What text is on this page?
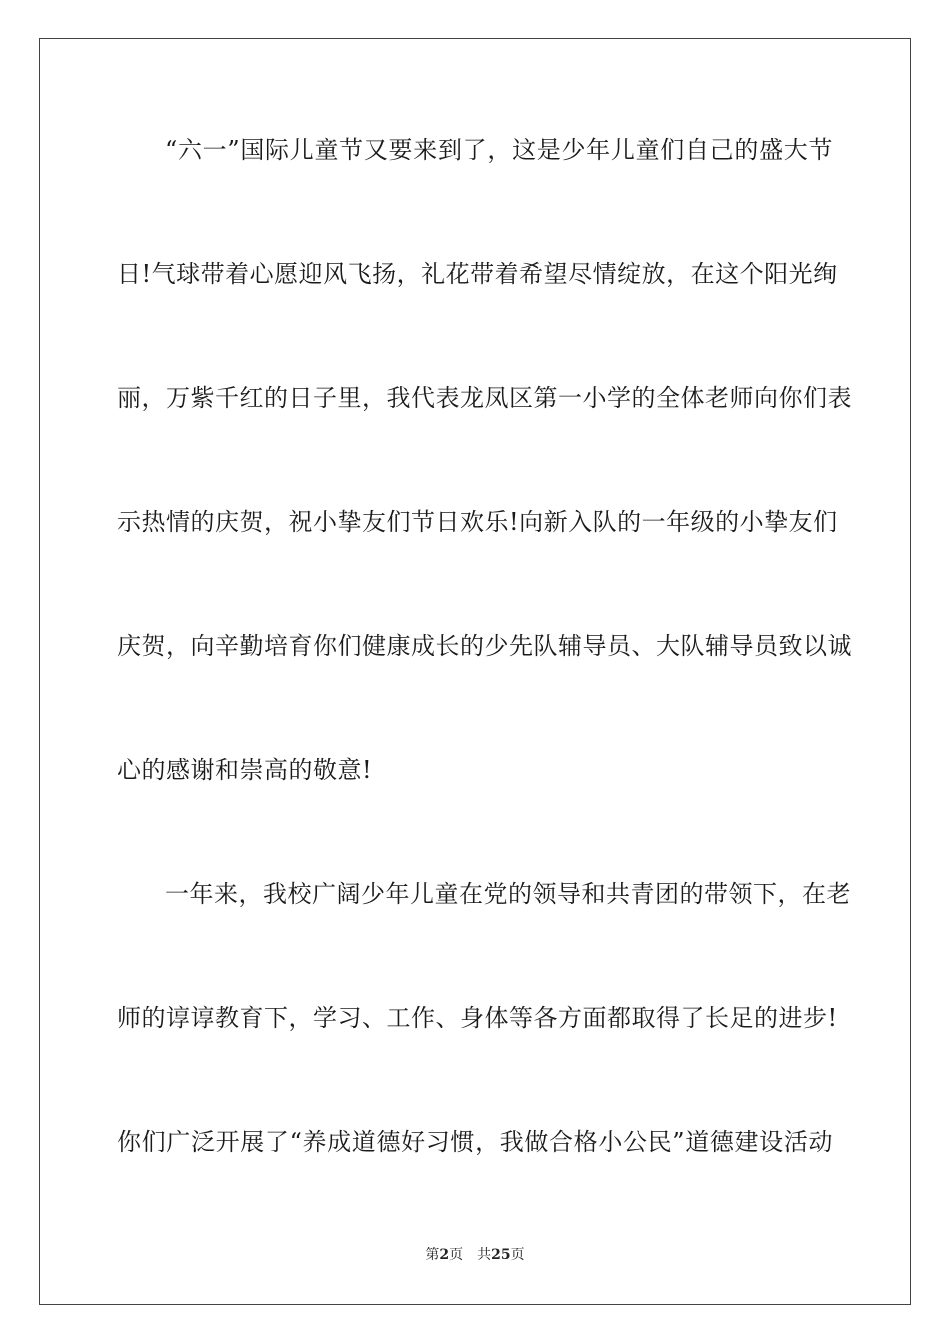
“六一”国际儿童节又要来到了，这是少年儿童们自己的盛大节
日!气球带着心愿迎风飞扬，礼花带着希望尽情绽放，在这个阳光绚
丽，万紫千红的日子里，我代表龙凤区第一小学的全体老师向你们表
示热情的庆贺，祝小挚友们节日欢乐!向新入队的一年级的小挚友们
庆贺，向辛勤培育你们健康成长的少先队辅导员、大队辅导员致以诚
心的感谢和崇高的敬意!
一年来，我校广阔少年儿童在党的领导和共青团的带领下，在老
师的谆谆教育下，学习、工作、身体等各方面都取得了长足的进步!
你们广泛开展了“养成道德好习惯，我做合格小公民”道德建设活动
第2页 共25页
